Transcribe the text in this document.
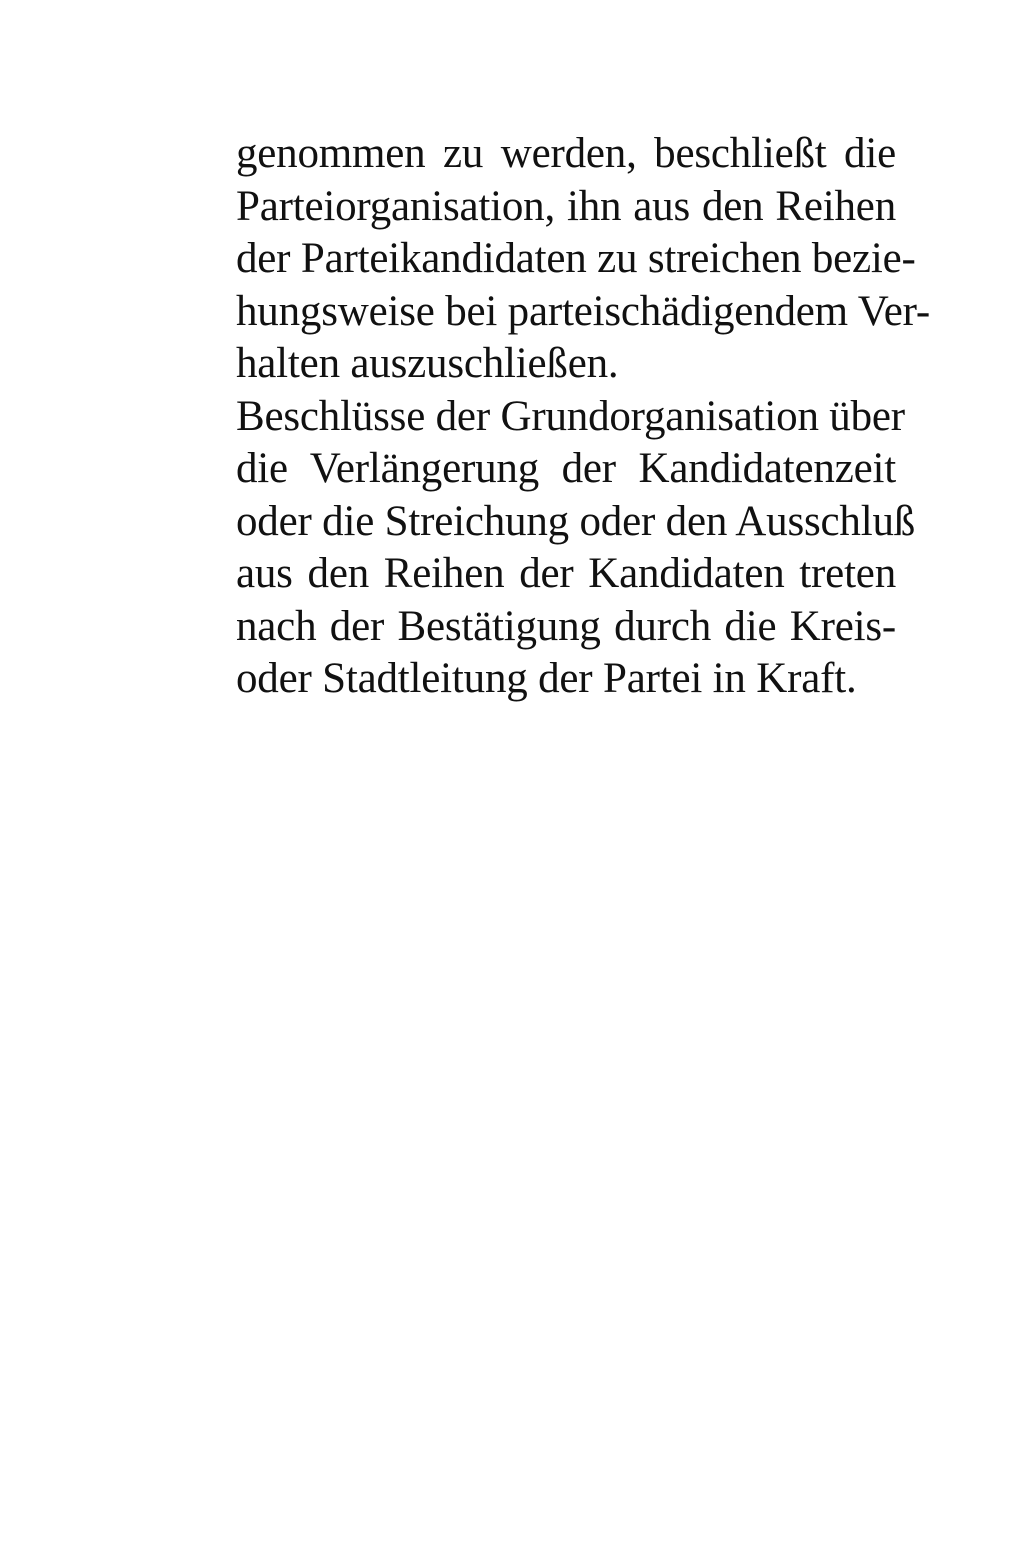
genommen zu werden, beschließt die
Parteiorganisation, ihn aus den Reihen
der Parteikandidaten zu streichen bezie-
hungsweise bei parteischädigendem Ver-
halten auszuschließen.
Beschlüsse der Grundorganisation über
die Verlängerung der Kandidatenzeit
oder die Streichung oder den Ausschluß
aus den Reihen der Kandidaten treten
nach der Bestätigung durch die Kreis-
oder Stadtleitung der Partei in Kraft.
